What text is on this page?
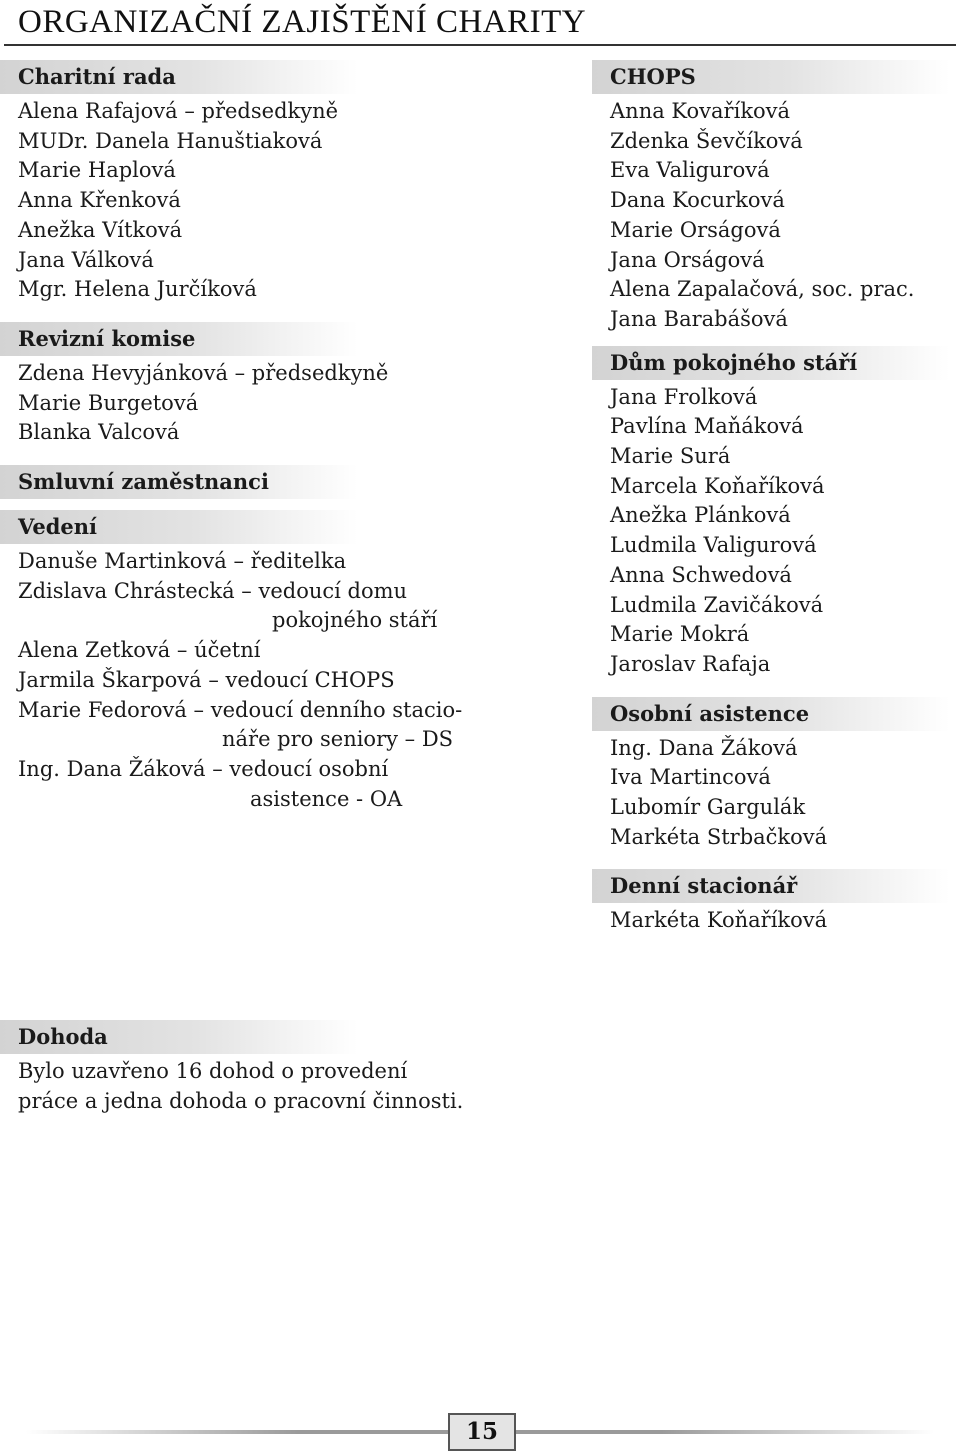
ORGANIZAČNÍ ZAJIŠTĚNÍ CHARITY
Charitní rada
Alena Rafajová – předsedkyně
MUDr. Danela Hanuštiaková
Marie Haplová
Anna Křenková
Anežka Vítková
Jana Válková
Mgr. Helena Jurčíková
Revizní komise
Zdena Hevyjánková – předsedkyně
Marie Burgetová
Blanka Valcová
Smluvní zaměstnanci
Vedení
Danuše Martinková – ředitelka
Zdislava Chrástecká – vedoucí domu
pokojného stáří
Alena Zetková – účetní
Jarmila Škarpová – vedoucí CHOPS
Marie Fedorová – vedoucí denního stacio-
náře pro seniory – DS
Ing. Dana Žáková – vedoucí osobní
asistence - OA
CHOPS
Anna Kovaříková
Zdenka Ševčíková
Eva Valigurová
Dana Kocurková
Marie Orságová
Jana Orságová
Alena Zapalačová, soc. prac.
Jana Barabášová
Dům pokojného stáří
Jana Frolková
Pavlína Maňáková
Marie Surá
Marcela Koňaříková
Anežka Plánková
Ludmila Valigurová
Anna Schwedová
Ludmila Zavičáková
Marie Mokrá
Jaroslav Rafaja
Osobní asistence
Ing. Dana Žáková
Iva Martincová
Lubomír Gargulák
Markéta Strbačková
Denní stacionář
Markéta Koňaříková
Dohoda
Bylo uzavřeno 16 dohod o provedení
práce a jedna dohoda o pracovní činnosti.
15
